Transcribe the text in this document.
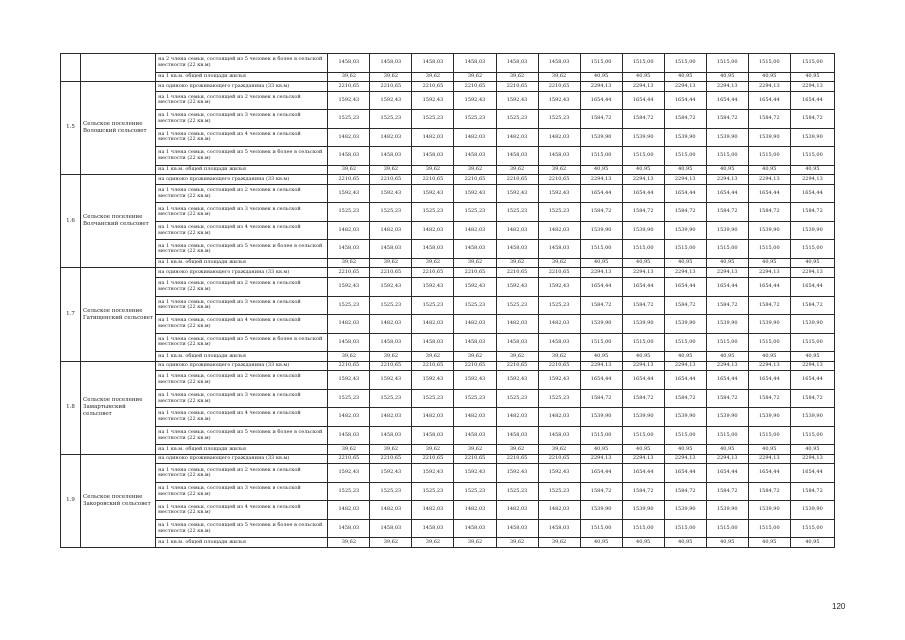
		на 2 члена семьи, состоящей из 5 человек и более в сельской местности (22 кв.м)	1458,03	1458,03	1458,03	1458,03	1458,03	1458,03	1515,00	1515,00	1515,00	1515,00	1515,00	1515,00
		на 1 кв.м. общей площади жилья	39,62	39,62	39,62	39,62	39,62	39,62	40,95	40,95	40,95	40,95	40,95	40,95
1.5	Сельское поселение Волошский сельсовет	на одиноко проживающего гражданина (33 кв.м)	2210,65	2210,65	2210,65	2210,65	2210,65	2210,65	2294,13	2294,13	2294,13	2294,13	2294,13	2294,13
		на 1 члена семьи, состоящей из 2 человек в сельской местности (22 кв.м)	1592,43	1592,43	1592,43	1592,43	1592,43	1592,43	1654,44	1654,44	1654,44	1654,44	1654,44	1654,44
		на 1 члена семьи, состоящей из 3 человек в сельской местности (22 кв.м)	1525,23	1525,23	1525,23	1525,23	1525,23	1525,23	1584,72	1584,72	1584,72	1584,72	1584,72	1584,72
		на 1 члена семьи, состоящей из 4 человек в сельской местности (22 кв.м)	1482,03	1482,03	1482,03	1482,03	1482,03	1482,03	1539,90	1539,90	1539,90	1539,90	1539,90	1539,90
		на 1 члена семьи, состоящей из 5 человек и более в сельской местности (22 кв.м)	1458,03	1458,03	1458,03	1458,03	1458,03	1458,03	1515,00	1515,00	1515,00	1515,00	1515,00	1515,00
		на 1 кв.м. общей площади жилья	39,62	39,62	39,62	39,62	39,62	39,62	40,95	40,95	40,95	40,95	40,95	40,95
1.6	Сельское поселение Волчанский сельсовет	на одиноко проживающего гражданина (33 кв.м)	2210,65	2210,65	2210,65	2210,65	2210,65	2210,65	2294,13	2294,13	2294,13	2294,13	2294,13	2294,13
		на 1 члена семьи, состоящей из 2 человек в сельской местности (22 кв.м)	1592,43	1592,43	1592,43	1592,43	1592,43	1592,43	1654,44	1654,44	1654,44	1654,44	1654,44	1654,44
		на 1 члена семьи, состоящей из 3 человек в сельской местности (22 кв.м)	1525,23	1525,23	1525,23	1525,23	1525,23	1525,23	1584,72	1584,72	1584,72	1584,72	1584,72	1584,72
		на 1 члена семьи, состоящей из 4 человек в сельской местности (22 кв.м)	1482,03	1482,03	1482,03	1482,03	1482,03	1482,03	1539,90	1539,90	1539,90	1539,90	1539,90	1539,90
		на 1 члена семьи, состоящей из 5 человек и более в сельской местности (22 кв.м)	1458,03	1458,03	1458,03	1458,03	1458,03	1458,03	1515,00	1515,00	1515,00	1515,00	1515,00	1515,00
		на 1 кв.м. общей площади жилья	39,62	39,62	39,62	39,62	39,62	39,62	40,95	40,95	40,95	40,95	40,95	40,95
1.7	Сельское поселение Гатищенский сельсовет	на одиноко проживающего гражданина (33 кв.м)	2210,65	2210,65	2210,65	2210,65	2210,65	2210,65	2294,13	2294,13	2294,13	2294,13	2294,13	2294,13
		на 1 члена семьи, состоящей из 2 человек в сельской местности (22 кв.м)	1592,43	1592,43	1592,43	1592,43	1592,43	1592,43	1654,44	1654,44	1654,44	1654,44	1654,44	1654,44
		на 1 члена семьи, состоящей из 3 человек в сельской местности (22 кв.м)	1525,23	1525,23	1525,23	1525,23	1525,23	1525,23	1584,72	1584,72	1584,72	1584,72	1584,72	1584,72
		на 1 члена семьи, состоящей из 4 человек в сельской местности (22 кв.м)	1482,03	1482,03	1482,03	1482,03	1482,03	1482,03	1539,90	1539,90	1539,90	1539,90	1539,90	1539,90
		на 1 члена семьи, состоящей из 5 человек и более в сельской местности (22 кв.м)	1458,03	1458,03	1458,03	1458,03	1458,03	1458,03	1515,00	1515,00	1515,00	1515,00	1515,00	1515,00
		на 1 кв.м. общей площади жилья	39,62	39,62	39,62	39,62	39,62	39,62	40,95	40,95	40,95	40,95	40,95	40,95
1.8	Сельское поселение Замартынский сельсовет	на одиноко проживающего гражданина (33 кв.м)	2210,65	2210,65	2210,65	2210,65	2210,65	2210,65	2294,13	2294,13	2294,13	2294,13	2294,13	2294,13
		на 1 члена семьи, состоящей из 2 человек в сельской местности (22 кв.м)	1592,43	1592,43	1592,43	1592,43	1592,43	1592,43	1654,44	1654,44	1654,44	1654,44	1654,44	1654,44
		на 1 члена семьи, состоящей из 3 человек в сельской местности (22 кв.м)	1525,23	1525,23	1525,23	1525,23	1525,23	1525,23	1584,72	1584,72	1584,72	1584,72	1584,72	1584,72
		на 1 члена семьи, состоящей из 4 человек в сельской местности (22 кв.м)	1482,03	1482,03	1482,03	1482,03	1482,03	1482,03	1539,90	1539,90	1539,90	1539,90	1539,90	1539,90
		на 1 члена семьи, состоящей из 5 человек и более в сельской местности (22 кв.м)	1458,03	1458,03	1458,03	1458,03	1458,03	1458,03	1515,00	1515,00	1515,00	1515,00	1515,00	1515,00
		на 1 кв.м. общей площади жилья	39,62	39,62	39,62	39,62	39,62	39,62	40,95	40,95	40,95	40,95	40,95	40,95
1.9	Сельское поселение Закоровский сельсовет	на одиноко проживающего гражданина (33 кв.м)	2210,65	2210,65	2210,65	2210,65	2210,65	2210,65	2294,13	2294,13	2294,13	2294,13	2294,13	2294,13
		на 1 члена семьи, состоящей из 2 человек в сельской местности (22 кв.м)	1592,43	1592,43	1592,43	1592,43	1592,43	1592,43	1654,44	1654,44	1654,44	1654,44	1654,44	1654,44
		на 1 члена семьи, состоящей из 3 человек в сельской местности (22 кв.м)	1525,23	1525,23	1525,23	1525,23	1525,23	1525,23	1584,72	1584,72	1584,72	1584,72	1584,72	1584,72
		на 1 члена семьи, состоящей из 4 человек в сельской местности (22 кв.м)	1482,03	1482,03	1482,03	1482,03	1482,03	1482,03	1539,90	1539,90	1539,90	1539,90	1539,90	1539,90
		на 1 члена семьи, состоящей из 5 человек и более в сельской местности (22 кв.м)	1458,03	1458,03	1458,03	1458,03	1458,03	1458,03	1515,00	1515,00	1515,00	1515,00	1515,00	1515,00
		на 1 кв.м. общей площади жилья	39,62	39,62	39,62	39,62	39,62	39,62	40,95	40,95	40,95	40,95	40,95	40,95
120
